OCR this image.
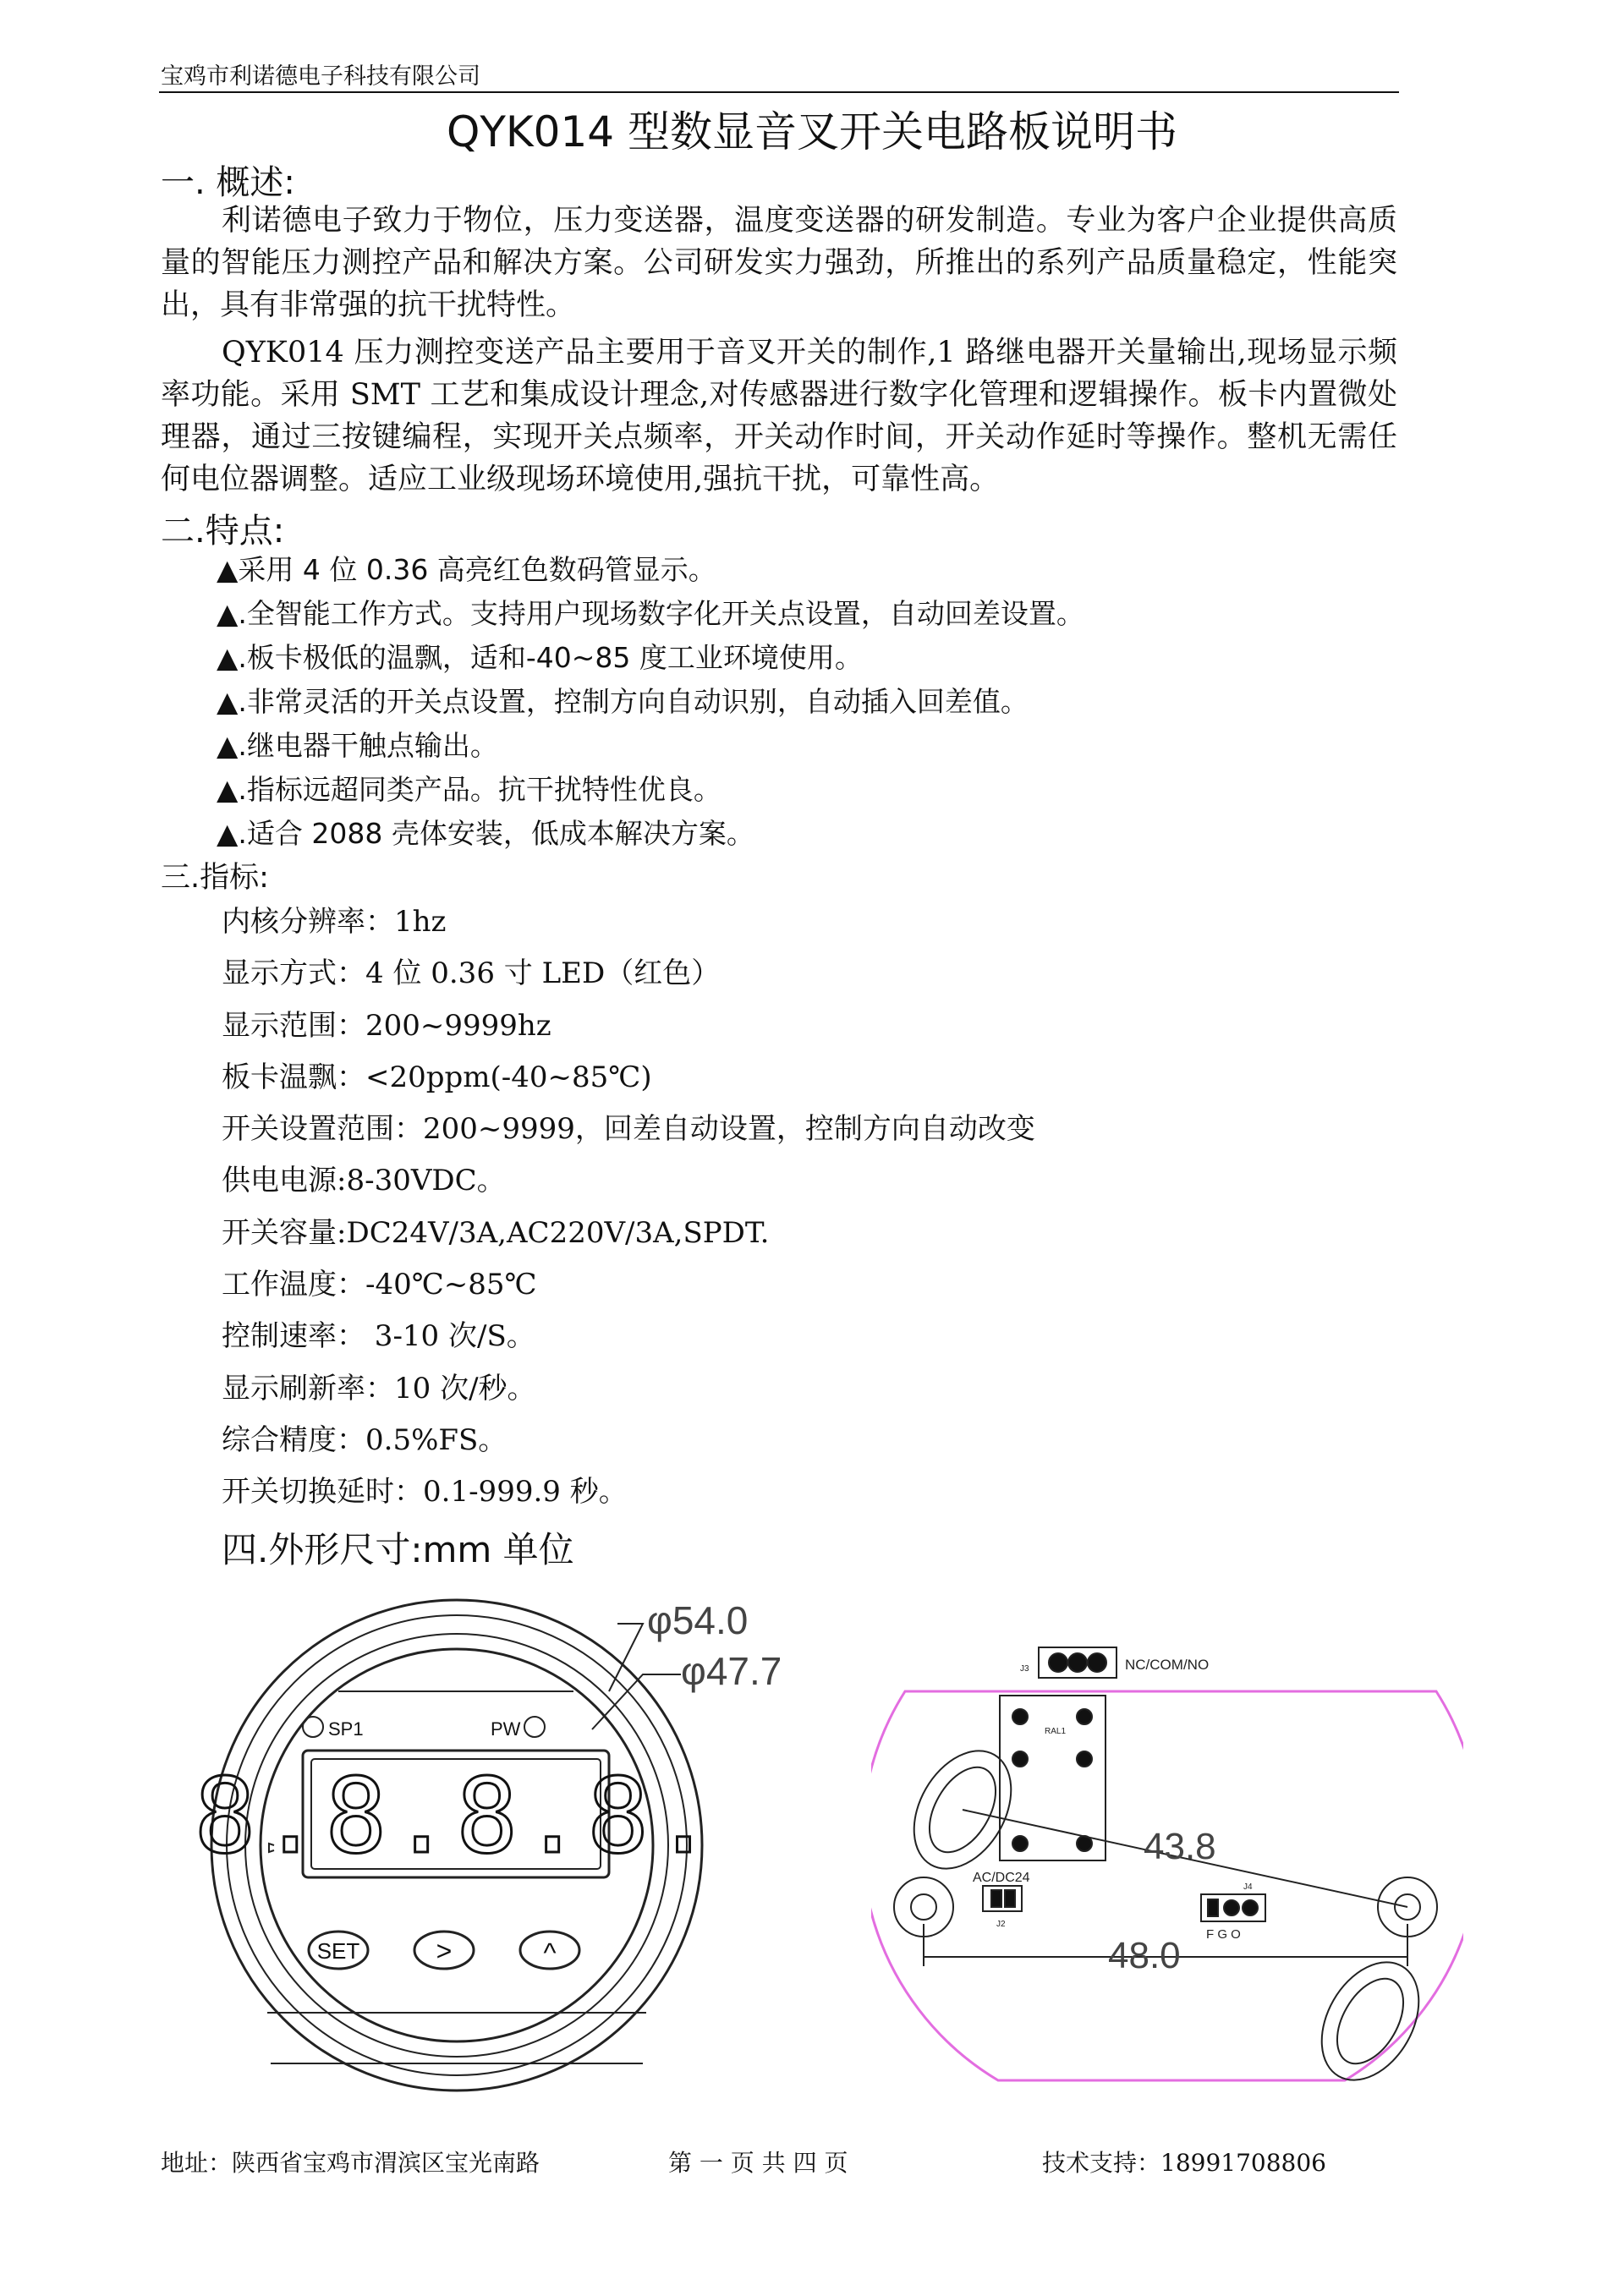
宝鸡市利诺德电子科技有限公司
QYK014 型数显音叉开关电路板说明书
一. 概述:

利诺德电子致力于物位，压力变送器，温度变送器的研发制造。专业为客户企业提供高质量的智能压力测控产品和解决方案。公司研发实力强劲，所推出的系列产品质量稳定，性能突出，具有非常强的抗干扰特性。

QYK014 压力测控变送产品主要用于音叉开关的制作,1 路继电器开关量输出,现场显示频率功能。采用 SMT 工艺和集成设计理念,对传感器进行数字化管理和逻辑操作。板卡内置微处理器，通过三按键编程，实现开关点频率，开关动作时间，开关动作延时等操作。整机无需任何电位器调整。适应工业级现场环境使用,强抗干扰，可靠性高。

二.特点:
▲采用 4 位 0.36 高亮红色数码管显示。
▲.全智能工作方式。支持用户现场数字化开关点设置，自动回差设置。
▲.板卡极低的温飘，适和-40~85 度工业环境使用。
▲.非常灵活的开关点设置，控制方向自动识别，自动插入回差值。
▲.继电器干触点输出。
▲.指标远超同类产品。抗干扰特性优良。
▲.适合 2088 壳体安装，低成本解决方案。
三.指标:
内核分辨率：1hz
显示方式：4 位 0.36 寸 LED（红色）
显示范围：200~9999hz
板卡温飘：<20ppm(-40~85℃)
开关设置范围：200~9999，回差自动设置，控制方向自动改变
供电电源:8-30VDC。
开关容量:DC24V/3A,AC220V/3A,SPDT.
工作温度：-40℃~85℃
控制速率： 3-10 次/S。
显示刷新率：10 次/秒。
综合精度：0.5%FS。
开关切换延时：0.1-999.9 秒。
四.外形尺寸:mm 单位
8.8.8.8.
SP1	PW
SET	>	^
φ54.0
φ47.7	NC/COM/NO
J3
RAL1
AC/DC24
J2
J4
F G O
43.8
48.0
地址：陕西省宝鸡市渭滨区宝光南路	第 一 页 共 四 页	技术支持：18991708806
